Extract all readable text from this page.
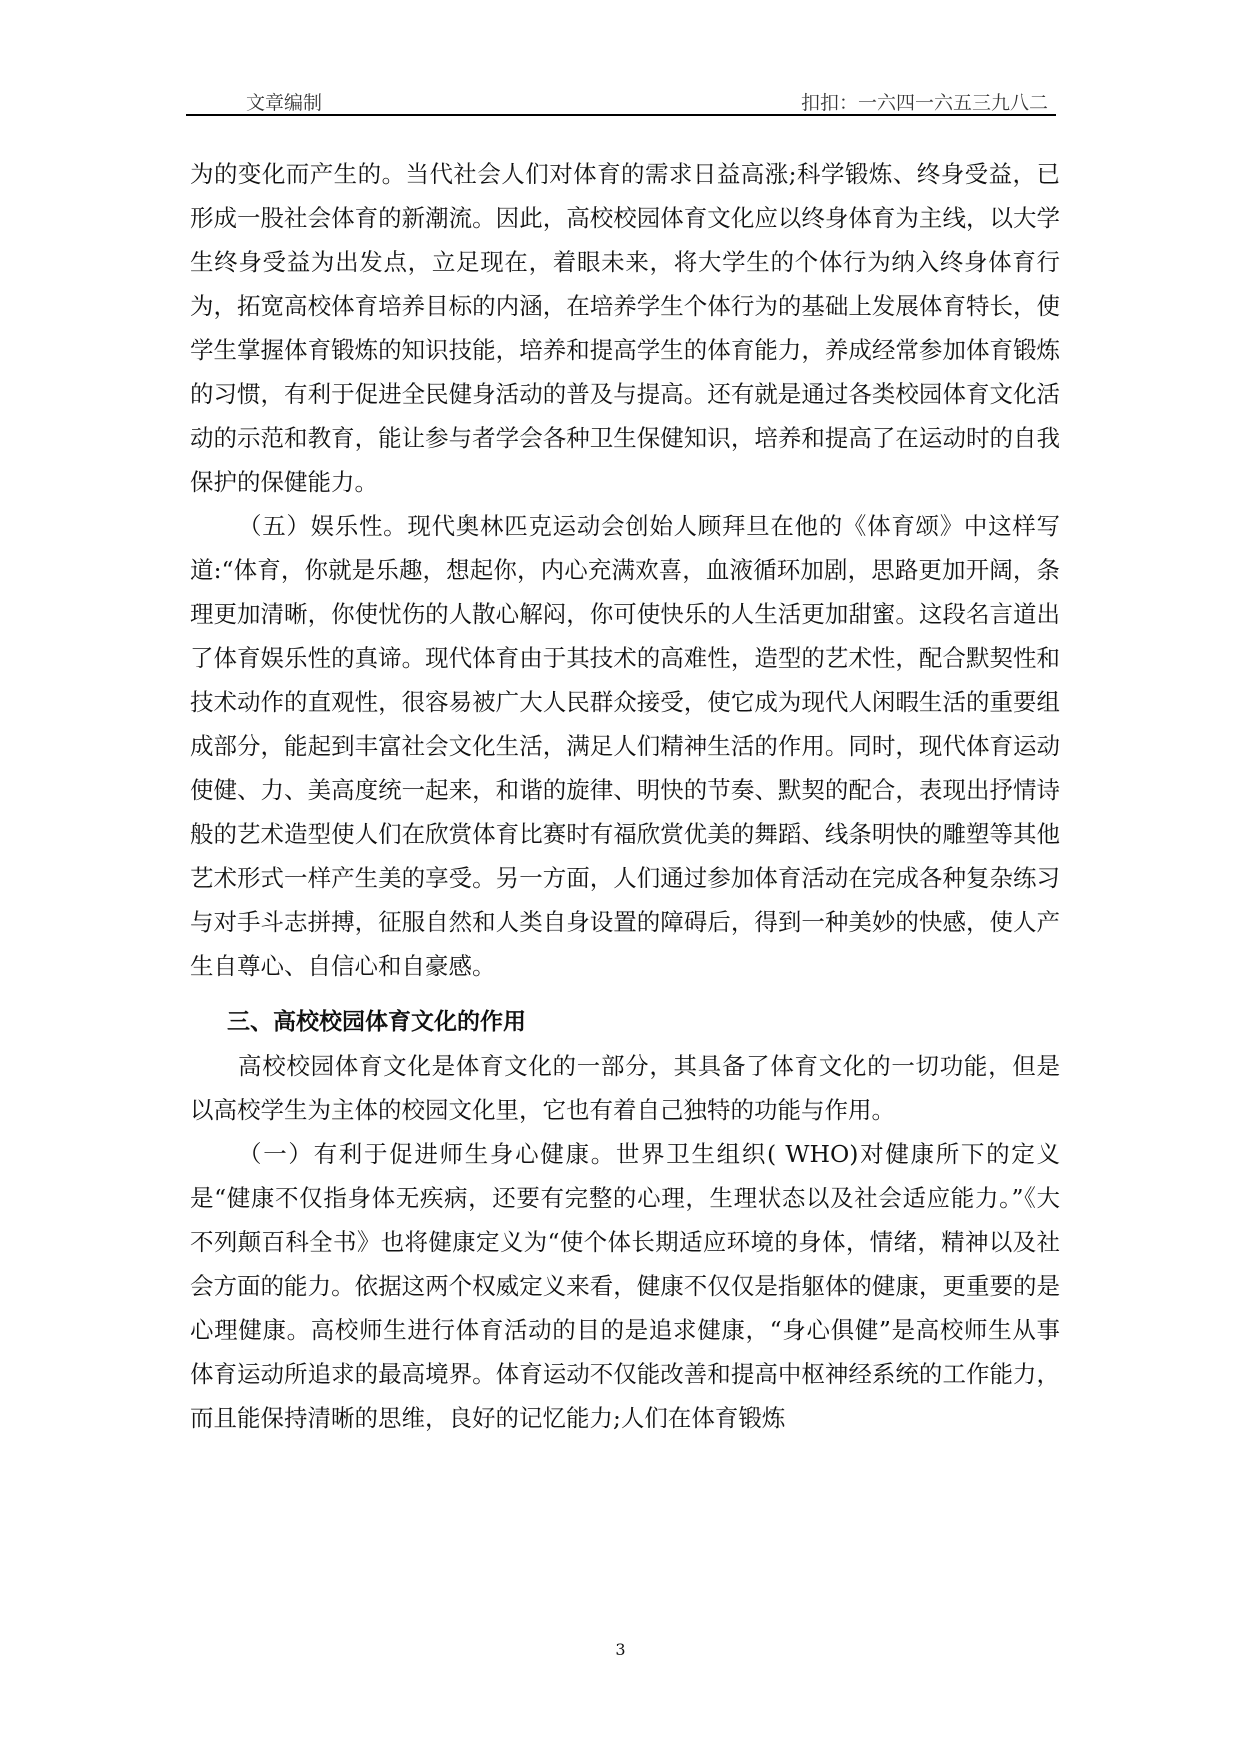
文章编制	扣扣：一六四一六五三九八二

为的变化而产生的。当代社会人们对体育的需求日益高涨;科学锻炼、终身受益，已形成一股社会体育的新潮流。因此，高校校园体育文化应以终身体育为主线，以大学生终身受益为出发点，立足现在，着眼未来，将大学生的个体行为纳入终身体育行为，拓宽高校体育培养目标的内涵，在培养学生个体行为的基础上发展体育特长，使学生掌握体育锻炼的知识技能，培养和提高学生的体育能力，养成经常参加体育锻炼的习惯，有利于促进全民健身活动的普及与提高。还有就是通过各类校园体育文化活动的示范和教育，能让参与者学会各种卫生保健知识，培养和提高了在运动时的自我保护的保健能力。

（五）娱乐性。现代奥林匹克运动会创始人顾拜旦在他的《体育颂》中这样写道:“体育，你就是乐趣，想起你，内心充满欢喜，血液循环加剧，思路更加开阔，条理更加清晰，你使忧伤的人散心解闷，你可使快乐的人生活更加甜蜜。这段名言道出了体育娱乐性的真谛。现代体育由于其技术的高难性，造型的艺术性，配合默契性和技术动作的直观性，很容易被广大人民群众接受，使它成为现代人闲暇生活的重要组成部分，能起到丰富社会文化生活，满足人们精神生活的作用。同时，现代体育运动使健、力、美高度统一起来，和谐的旋律、明快的节奏、默契的配合，表现出抒情诗般的艺术造型使人们在欣赏体育比赛时有福欣赏优美的舞蹈、线条明快的雕塑等其他艺术形式一样产生美的享受。另一方面，人们通过参加体育活动在完成各种复杂练习与对手斗志拼搏，征服自然和人类自身设置的障碍后，得到一种美妙的快感，使人产生自尊心、自信心和自豪感。

三、高校校园体育文化的作用

高校校园体育文化是体育文化的一部分，其具备了体育文化的一切功能，但是以高校学生为主体的校园文化里，它也有着自己独特的功能与作用。

（一）有利于促进师生身心健康。世界卫生组织( WHO)对健康所下的定义是“健康不仅指身体无疾病，还要有完整的心理，生理状态以及社会适应能力。”《大不列颠百科全书》也将健康定义为“使个体长期适应环境的身体，情绪，精神以及社会方面的能力。依据这两个权威定义来看，健康不仅仅是指躯体的健康，更重要的是心理健康。高校师生进行体育活动的目的是追求健康，“身心俱健”是高校师生从事体育运动所追求的最高境界。体育运动不仅能改善和提高中枢神经系统的工作能力，而且能保持清晰的思维，良好的记忆能力;人们在体育锻炼

3
